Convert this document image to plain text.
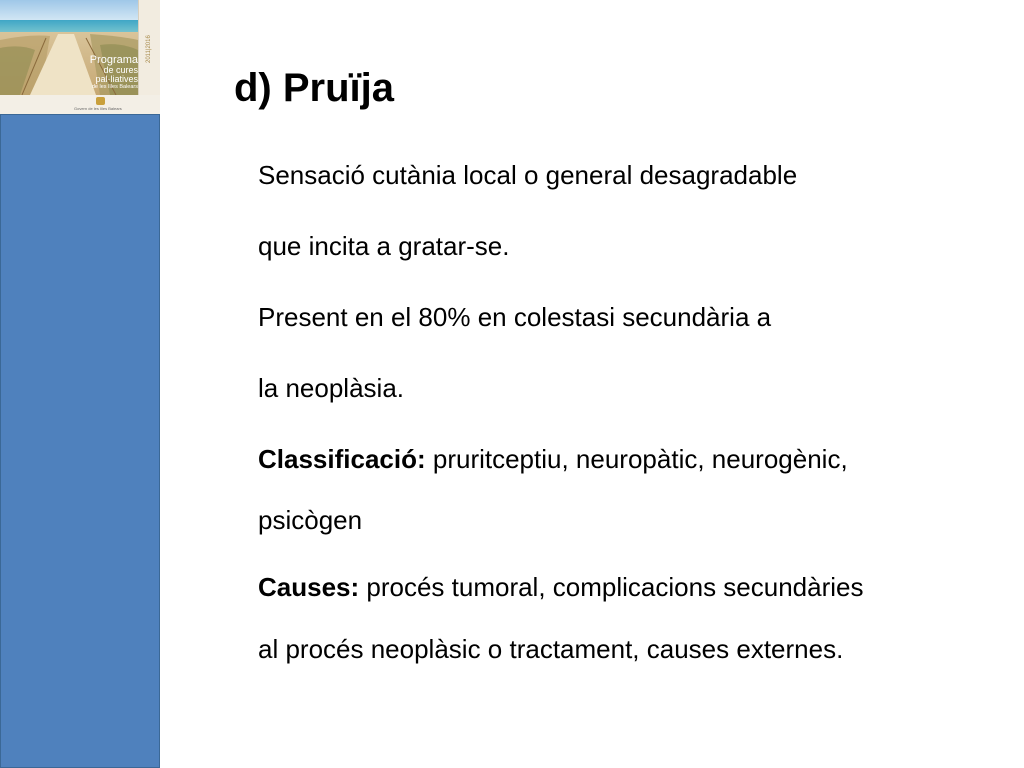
Programa
de cures pal·liatives
de les Illes Balears
2011|2016
Govern de les Illes Balears	d) Pruïja

Sensació cutània local o general desagradable

que incita a gratar-se.

Present en el 80% en colestasi secundària a

la neoplàsia.

Classificació: pruritceptiu, neuropàtic, neurogènic,

psicògen

Causes: procés tumoral, complicacions secundàries

al procés neoplàsic o tractament, causes externes.
